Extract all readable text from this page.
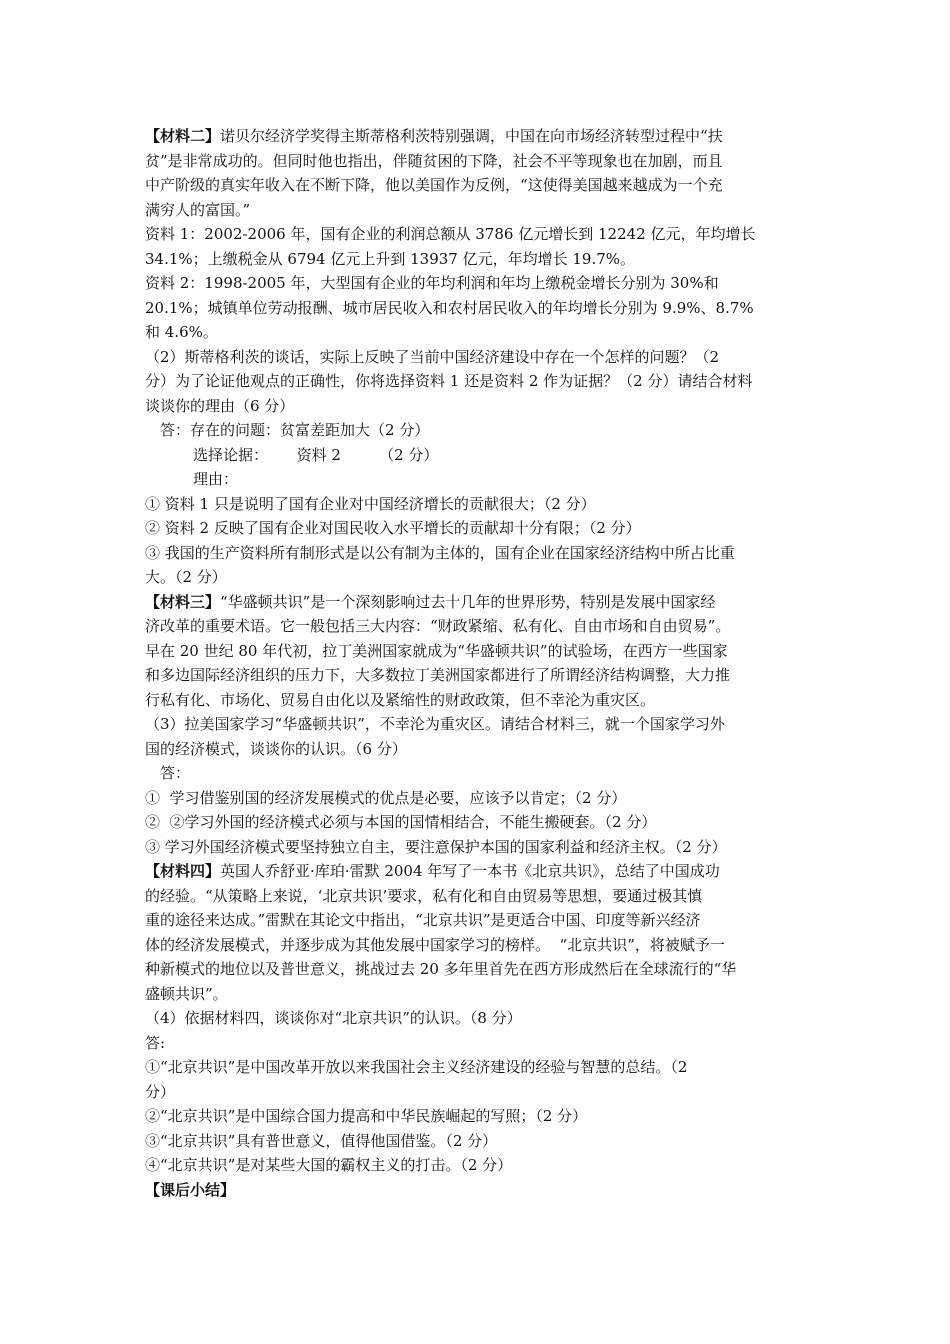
【材料二】诺贝尔经济学奖得主斯蒂格利茨特别强调，中国在向市场经济转型过程中“扶
贫”是非常成功的。但同时他也指出，伴随贫困的下降，社会不平等现象也在加剧，而且
中产阶级的真实年收入在不断下降，他以美国作为反例，“这使得美国越来越成为一个充
满穷人的富国。”
资料 1：2002-2006 年，国有企业的利润总额从 3786 亿元增长到 12242 亿元，年均增长
34.1%；上缴税金从 6794 亿元上升到 13937 亿元，年均增长 19.7%。
资料 2：1998-2005 年，大型国有企业的年均利润和年均上缴税金增长分别为 30%和
20.1%；城镇单位劳动报酬、城市居民收入和农村居民收入的年均增长分别为 9.9%、8.7%
和 4.6%。
（2）斯蒂格利茨的谈话，实际上反映了当前中国经济建设中存在一个怎样的问题？（2
分）为了论证他观点的正确性，你将选择资料 1 还是资料 2 作为证据？（2 分）请结合材料
谈谈你的理由（6 分）
答：存在的问题：贫富差距加大（2 分）
选择论据：      资料 2        （2 分）
理由：
① 资料 1 只是说明了国有企业对中国经济增长的贡献很大；（2 分）
② 资料 2 反映了国有企业对国民收入水平增长的贡献却十分有限；（2 分）
③ 我国的生产资料所有制形式是以公有制为主体的，国有企业在国家经济结构中所占比重
大。（2 分）
【材料三】“华盛顿共识”是一个深刻影响过去十几年的世界形势，特别是发展中国家经
济改革的重要术语。它一般包括三大内容：“财政紧缩、私有化、自由市场和自由贸易”。
早在 20 世纪 80 年代初，拉丁美洲国家就成为“华盛顿共识”的试验场，在西方一些国家
和多边国际经济组织的压力下，大多数拉丁美洲国家都进行了所谓经济结构调整，大力推
行私有化、市场化、贸易自由化以及紧缩性的财政政策，但不幸沦为重灾区。
（3）拉美国家学习“华盛顿共识”，不幸沦为重灾区。请结合材料三，就一个国家学习外
国的经济模式，谈谈你的认识。（6 分）
答：
①  学习借鉴别国的经济发展模式的优点是必要，应该予以肯定；（2 分）
②  ②学习外国的经济模式必须与本国的国情相结合，不能生搬硬套。（2 分）
③ 学习外国经济模式要坚持独立自主，要注意保护本国的国家利益和经济主权。（2 分）
【材料四】英国人乔舒亚·库珀·雷默 2004 年写了一本书《北京共识》，总结了中国成功
的经验。“从策略上来说，‘北京共识’要求，私有化和自由贸易等思想，要通过极其慎
重的途径来达成。”雷默在其论文中指出，“北京共识”是更适合中国、印度等新兴经济
体的经济发展模式，并逐步成为其他发展中国家学习的榜样。  “北京共识”，将被赋予一
种新模式的地位以及普世意义，挑战过去 20 多年里首先在西方形成然后在全球流行的“华
盛顿共识”。
（4）依据材料四，谈谈你对“北京共识”的认识。（8 分）
答:
①“北京共识”是中国改革开放以来我国社会主义经济建设的经验与智慧的总结。（2
分）
②“北京共识”是中国综合国力提高和中华民族崛起的写照；（2 分）
③“北京共识”具有普世意义，值得他国借鉴。（2 分）
④“北京共识”是对某些大国的霸权主义的打击。（2 分）
【课后小结】
